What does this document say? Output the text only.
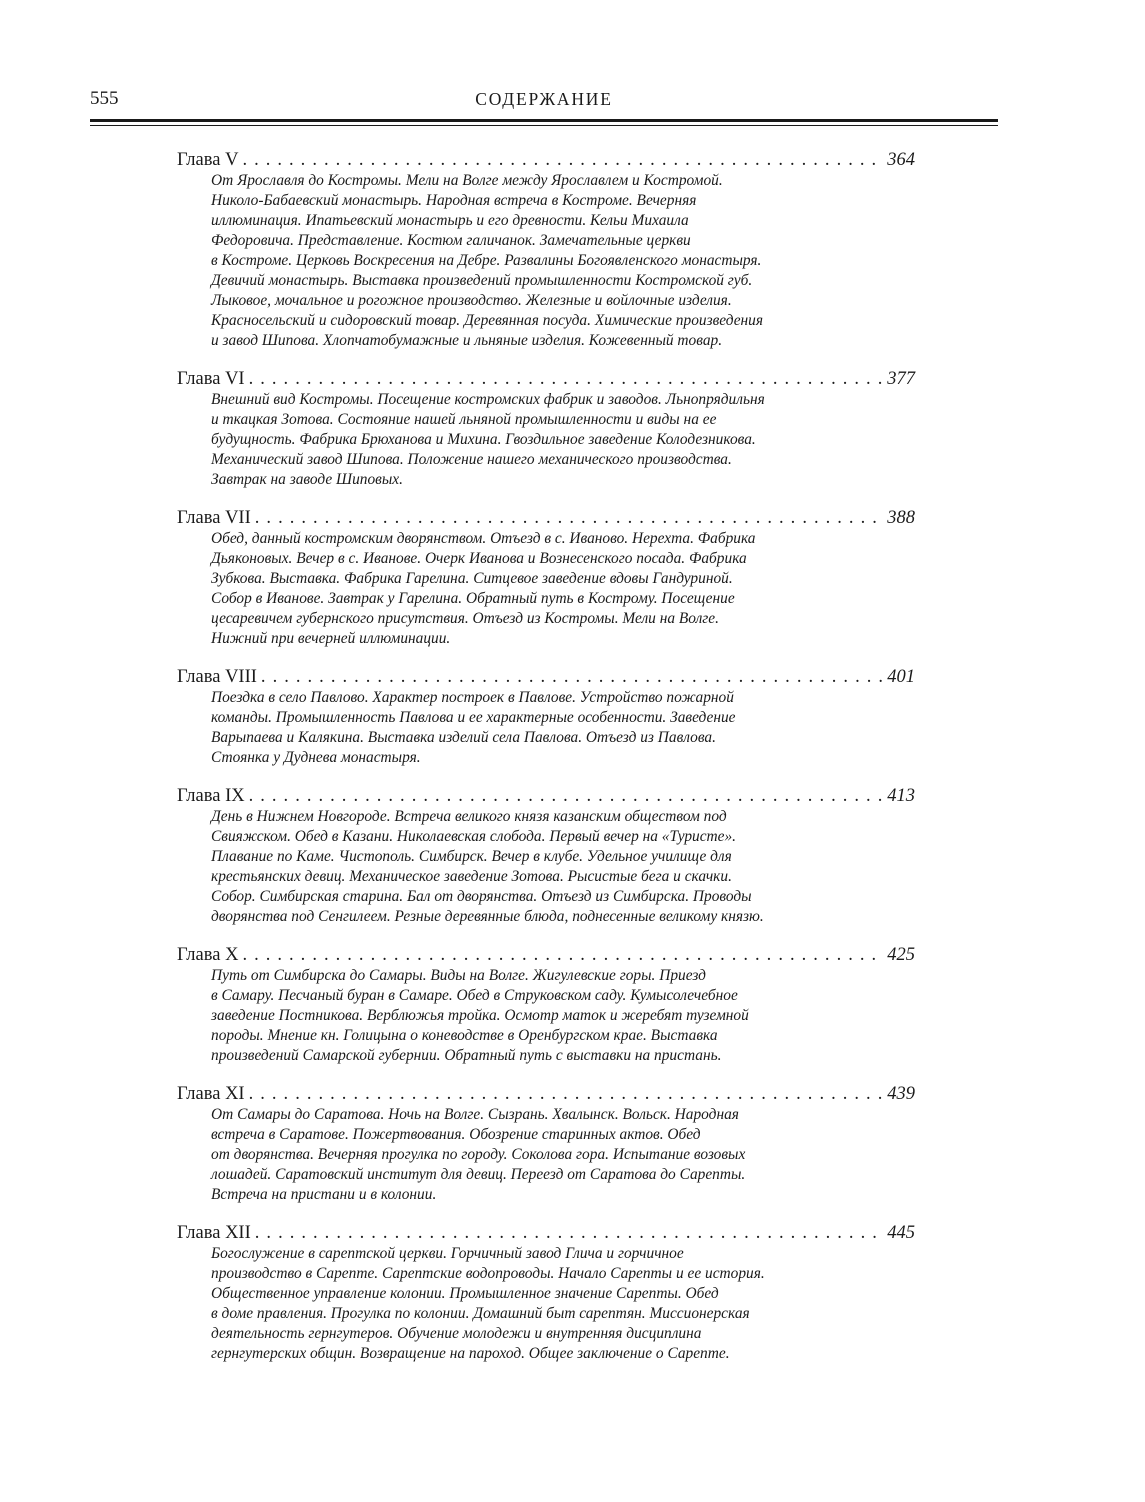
555	СОДЕРЖАНИЕ
Глава V . . .	364
От Ярославля до Костромы. Мели на Волге между Ярославлем и Костромой.
Николо-Бабаевский монастырь. Народная встреча в Костроме. Вечерняя
иллюминация. Ипатьевский монастырь и его древности. Кельи Михаила
Федоровича. Представление. Костюм галичанок. Замечательные церкви
в Костроме. Церковь Воскресения на Дебре. Развалины Богоявленского монастыря.
Девичий монастырь. Выставка произведений промышленности Костромской губ.
Лыковое, мочальное и рогожное производство. Железные и войлочные изделия.
Красносельский и сидоровский товар. Деревянная посуда. Химические произведения
и завод Шипова. Хлопчатобумажные и льняные изделия. Кожевенный товар.
Глава VI . . .	377
Внешний вид Костромы. Посещение костромских фабрик и заводов. Льнопрядильня
и ткацкая Зотова. Состояние нашей льняной промышленности и виды на ее
будущность. Фабрика Брюханова и Михина. Гвоздильное заведение Колодезникова.
Механический завод Шипова. Положение нашего механического производства.
Завтрак на заводе Шиповых.
Глава VII . . .	388
Обед, данный костромским дворянством. Отъезд в с. Иваново. Нерехта. Фабрика
Дьяконовых. Вечер в с. Иванове. Очерк Иванова и Вознесенского посада. Фабрика
Зубкова. Выставка. Фабрика Гарелина. Ситцевое заведение вдовы Гандуриной.
Собор в Иванове. Завтрак у Гарелина. Обратный путь в Кострому. Посещение
цесаревичем губернского присутствия. Отъезд из Костромы. Мели на Волге.
Нижний при вечерней иллюминации.
Глава VIII . . .	401
Поездка в село Павлово. Характер построек в Павлове. Устройство пожарной
команды. Промышленность Павлова и ее характерные особенности. Заведение
Варыпаева и Калякина. Выставка изделий села Павлова. Отъезд из Павлова.
Стоянка у Дуднева монастыря.
Глава IX . . .	413
День в Нижнем Новгороде. Встреча великого князя казанским обществом под
Свияжском. Обед в Казани. Николаевская слобода. Первый вечер на «Туристе».
Плавание по Каме. Чистополь. Симбирск. Вечер в клубе. Удельное училище для
крестьянских девиц. Механическое заведение Зотова. Рысистые бега и скачки.
Собор. Симбирская старина. Бал от дворянства. Отъезд из Симбирска. Проводы
дворянства под Сенгилеем. Резные деревянные блюда, поднесенные великому князю.
Глава X . . .	425
Путь от Симбирска до Самары. Виды на Волге. Жигулевские горы. Приезд
в Самару. Песчаный буран в Самаре. Обед в Струковском саду. Кумысолечебное
заведение Постникова. Верблюжья тройка. Осмотр маток и жеребят туземной
породы. Мнение кн. Голицына о коневодстве в Оренбургском крае. Выставка
произведений Самарской губернии. Обратный путь с выставки на пристань.
Глава XI . . .	439
От Самары до Саратова. Ночь на Волге. Сызрань. Хвалынск. Вольск. Народная
встреча в Саратове. Пожертвования. Обозрение старинных актов. Обед
от дворянства. Вечерняя прогулка по городу. Соколова гора. Испытание возовых
лошадей. Саратовский институт для девиц. Переезд от Саратова до Сарепты.
Встреча на пристани и в колонии.
Глава XII . . .	445
Богослужение в сарептской церкви. Горчичный завод Глича и горчичное
производство в Сарепте. Сарептские водопроводы. Начало Сарепты и ее история.
Общественное управление колонии. Промышленное значение Сарепты. Обед
в доме правления. Прогулка по колонии. Домашний быт сарептян. Миссионерская
деятельность гернгутеров. Обучение молодежи и внутренняя дисциплина
гернгутерских общин. Возвращение на пароход. Общее заключение о Сарепте.
